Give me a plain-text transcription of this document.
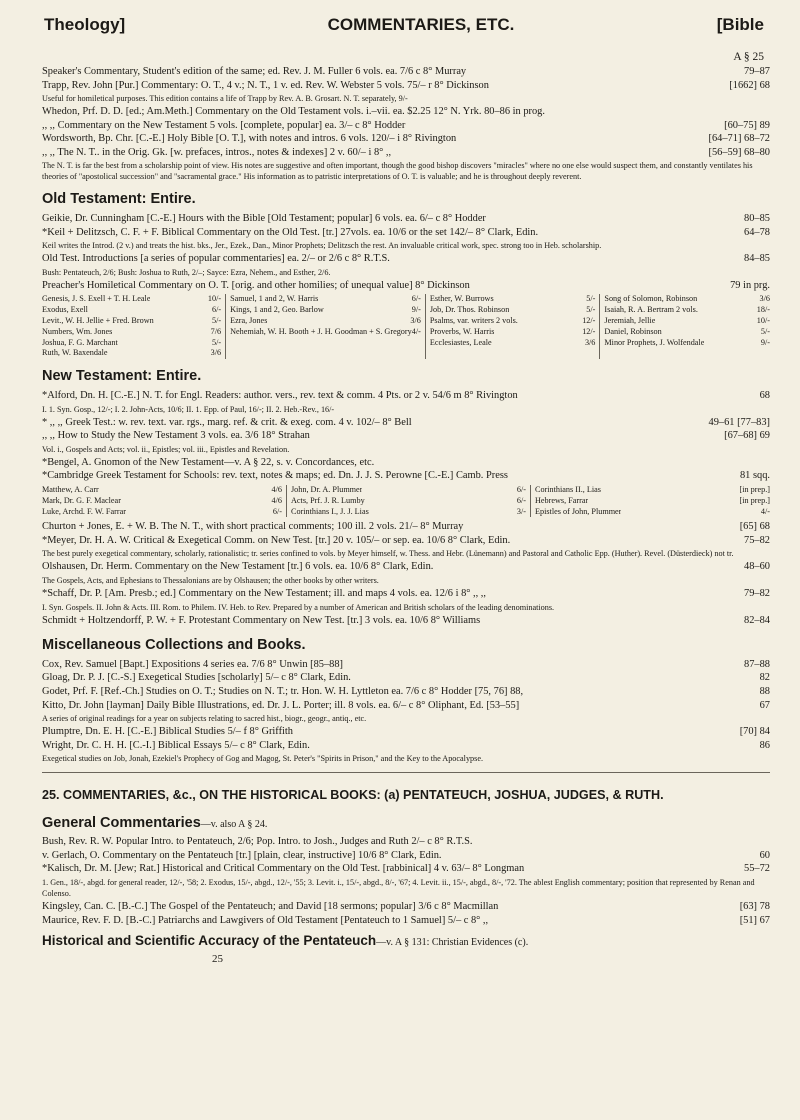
Theology]	COMMENTARIES, ETC.	[Bible
A § 25
Speaker's Commentary, Student's edition of the same; ed. Rev. J. M. Fuller 6 vols. ea. 7/6 c 8° Murray	79–87
Trapp, Rev. John [Pur.] Commentary: O. T., 4 v.; N. T., 1 v. ed. Rev. W. Webster 5 vols. 75/– r 8° Dickinson	[1662] 68
Useful for homiletical purposes. This edition contains a life of Trapp by Rev. A. B. Grosart. N. T. separately, 9/-
Whedon, Prf. D. D. [ed.; Am.Meth.] Commentary on the Old Testament vols. i.–vii. ea. $2.25 12° N. Yrk. 80–86 in prog.
,, ,, Commentary on the New Testament 5 vols. [complete, popular] ea. 3/– c 8° Hodder	[60–75] 89
Wordsworth, Bp. Chr. [C.-E.] Holy Bible [O. T.], with notes and intros. 6 vols. 120/– i 8° Rivington	[64–71] 68–72
,, ,, The N. T.. in the Orig. Gk. [w. prefaces, intros., notes & indexes] 2 v. 60/– i 8° ,,	[56–59] 68–80
The N. T. is far the best from a scholarship point of view. His notes are suggestive and often important, though the good bishop discovers "miracles" where no one else would suspect them, and constantly ventilates his theories of "apostolical succession" and "sacramental grace." His information as to patristic interpretations of O. T. is valuable; and he is throughout deeply reverent.
Old Testament: Entire.
Geikie, Dr. Cunningham [C.-E.] Hours with the Bible [Old Testament; popular] 6 vols. ea. 6/– c 8° Hodder	80–85
*Keil + Delitzsch, C. F. + F. Biblical Commentary on the Old Test. [tr.] 27vols. ea. 10/6 or the set 142/– 8° Clark, Edin.	64–78
Keil writes the Introd. (2 v.) and treats the hist. bks., Jer., Ezek., Dan., Minor Prophets; Delitzsch the rest. An invaluable critical work, spec. strong too in Heb. scholarship.
Old Test. Introductions [a series of popular commentaries] ea. 2/– or 2/6 c 8° R.T.S.	84–85
Bush: Pentateuch, 2/6; Bush: Joshua to Ruth, 2/–; Sayce: Ezra, Nehem., and Esther, 2/6.
Preacher's Homiletical Commentary on O. T. [orig. and other homilies; of unequal value] 8° Dickinson	79 in prg.
Genesis, J. S. Exell + T. H. Leale	10/-
Exodus, Exell	6/-
Levit., W. H. Jellie + Fred. Brown	5/-
Numbers, Wm. Jones	7/6
Joshua, F. G. Marchant	5/-
Ruth, W. Baxendale	3/6
Samuel, 1 and 2, W. Harris	6/-
Kings, 1 and 2, Geo. Barlow	9/-
Ezra, Jones	3/6
Nehemiah, W. H. Booth + J. H. Goodman + S. Gregory 4/-
Esther, W. Burrows	5/-
Job, Dr. Thos. Robinson	5/-
Psalms, var. writers 2 vols.	12/-
Proverbs, W. Harris	12/-
Ecclesiastes, Leale	3/6
Song of Solomon, Robinson	3/6
Isaiah, R. A. Bertram 2 vols.	18/-
Jeremiah, Jellie	10/-
Daniel, Robinson	5/-
Minor Prophets, J. Wolfendale	9/-
New Testament: Entire.
*Alford, Dn. H. [C.-E.] N. T. for Engl. Readers: author. vers., rev. text & comm. 4 Pts. or 2 v. 54/6 m 8° Rivington	68
I. 1. Syn. Gosp., 12/-; I. 2. John-Acts, 10/6; II. 1. Epp. of Paul, 16/-; II. 2. Heb.-Rev., 16/-
* ,, ,, Greek Test.: w. rev. text. var. rgs., marg. ref. & crit. & exeg. com. 4 v. 102/– 8° Bell	49–61 [77–83]
,, ,, How to Study the New Testament 3 vols. ea. 3/6 18° Strahan	[67–68] 69
Vol. i., Gospels and Acts; vol. ii., Epistles; vol. iii., Epistles and Revelation.
*Bengel, A. Gnomon of the New Testament—v. A § 22, s. v. Concordances, etc.
*Cambridge Greek Testament for Schools: rev. text, notes & maps; ed. Dn. J. J. S. Perowne [C.-E.] Camb. Press	81 sqq.
Matthew, A. Carr	4/6
Mark, Dr. G. F. Maclear	4/6
Luke, Archd. F. W. Farrar	6/-
John, Dr. A. Plummer	6/-
Acts, Prf. J. R. Lumby	6/-
Corinthians I., J. J. Lias	3/-
Corinthians II., Lias	[in prep.]
Hebrews, Farrar	[in prep.]
Epistles of John, Plummer	4/-
Churton + Jones, E. + W. B. The N. T., with short practical comments; 100 ill. 2 vols. 21/– 8° Murray	[65] 68
*Meyer, Dr. H. A. W. Critical & Exegetical Comm. on New Test. [tr.] 20 v. 105/– or sep. ea. 10/6 8° Clark, Edin.	75–82
The best purely exegetical commentary, scholarly, rationalistic; tr. series confined to vols. by Meyer himself, w. Thess. and Hebr. (Lünemann) and Pastoral and Catholic Epp. (Huther). Revel. (Düsterdieck) not tr.
Olshausen, Dr. Herm. Commentary on the New Testament [tr.] 6 vols. ea. 10/6 8° Clark, Edin.	48–60
The Gospels, Acts, and Ephesians to Thessalonians are by Olshausen; the other books by other writers.
*Schaff, Dr. P. [Am. Presb.; ed.] Commentary on the New Testament; ill. and maps 4 vols. ea. 12/6 i 8° ,, ,,	79–82
I. Syn. Gospels. II. John & Acts. III. Rom. to Philem. IV. Heb. to Rev. Prepared by a number of American and British scholars of the leading denominations.
Schmidt + Holtzendorff, P. W. + F. Protestant Commentary on New Test. [tr.] 3 vols. ea. 10/6 8° Williams	82–84
Miscellaneous Collections and Books.
Cox, Rev. Samuel [Bapt.] Expositions 4 series ea. 7/6 8° Unwin [85–88]	87–88
Gloag, Dr. P. J. [C.-S.] Exegetical Studies [scholarly] 5/– c 8° Clark, Edin.	82
Godet, Prf. F. [Ref.-Ch.] Studies on O. T.; Studies on N. T.; tr. Hon. W. H. Lyttleton ea. 7/6 c 8° Hodder [75, 76] 88,	88
Kitto, Dr. John [layman] Daily Bible Illustrations, ed. Dr. J. L. Porter; ill. 8 vols. ea. 6/– c 8° Oliphant, Ed. [53–55]	67
A series of original readings for a year on subjects relating to sacred hist., biogr., geogr., antiq., etc.
Plumptre, Dn. E. H. [C.-E.] Biblical Studies 5/– f 8° Griffith	[70] 84
Wright, Dr. C. H. H. [C.-I.] Biblical Essays 5/– c 8° Clark, Edin.	86
Exegetical studies on Job, Jonah, Ezekiel's Prophecy of Gog and Magog, St. Peter's "Spirits in Prison," and the Key to the Apocalypse.
25. COMMENTARIES, &c., ON THE HISTORICAL BOOKS: (a) PENTATEUCH, JOSHUA, JUDGES, & RUTH.
General Commentaries—v. also A § 24.
Bush, Rev. R. W. Popular Intro. to Pentateuch, 2/6; Pop. Intro. to Josh., Judges and Ruth 2/– c 8° R.T.S.
v. Gerlach, O. Commentary on the Pentateuch [tr.] [plain, clear, instructive] 10/6 8° Clark, Edin.	60
*Kalisch, Dr. M. [Jew; Rat.] Historical and Critical Commentary on the Old Test. [rabbinical] 4 v. 63/– 8° Longman	55–72
1. Gen., 18/-, abgd. for general reader, 12/-, '58; 2. Exodus, 15/-, abgd., 12/-, '55; 3. Levit. i., 15/-, abgd., 8/-, '67; 4. Levit. ii., 15/-, abgd., 8/-, '72. The ablest English commentary; position that represented by Renan and Colenso.
Kingsley, Can. C. [B.-C.] The Gospel of the Pentateuch; and David [18 sermons; popular] 3/6 c 8° Macmillan	[63] 78
Maurice, Rev. F. D. [B.-C.] Patriarchs and Lawgivers of Old Testament [Pentateuch to 1 Samuel] 5/– c 8° ,,	[51] 67
Historical and Scientific Accuracy of the Pentateuch—v. A § 131: Christian Evidences (c).
25
